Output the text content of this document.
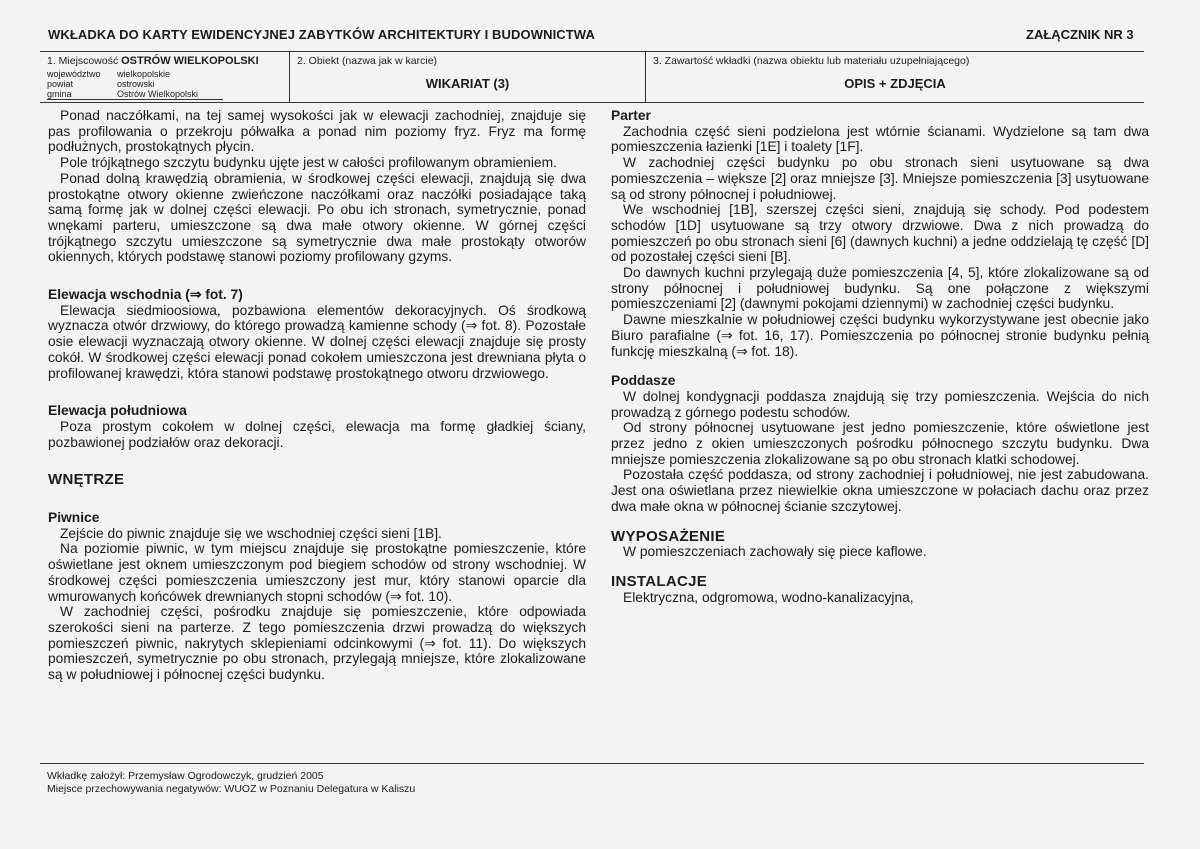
WKŁADKA DO KARTY EWIDENCYJNEJ ZABYTKÓW ARCHITEKTURY I BUDOWNICTWA	ZAŁĄCZNIK NR 3
1. Miejscowość OSTRÓW WIELKOPOLSKI
województwo wielkopolskie
powiat	ostrowski
gmina	Ostrów Wielkopolski
2. Obiekt (nazwa jak w karcie)
WIKARIAT (3)
3. Zawartość wkładki (nazwa obiektu lub materiału uzupełniającego)
OPIS + ZDJĘCIA

Ponad naczółkami, na tej samej wysokości jak w elewacji zachodniej, znajduje się pas profilowania o przekroju półwałka a ponad nim poziomy fryz. Fryz ma formę podłużnych, prostokątnych płycin.

Pole trójkątnego szczytu budynku ujęte jest w całości profilowanym obramieniem.

Ponad dolną krawędzią obramienia, w środkowej części elewacji, znajdują się dwa prostokątne otwory okienne zwieńczone naczółkami oraz naczółki posiadające taką samą formę jak w dolnej części elewacji. Po obu ich stronach, symetrycznie, ponad wnękami parteru, umieszczone są dwa małe otwory okienne. W górnej części trójkątnego szczytu umieszczone są symetrycznie dwa małe prostokąty otworów okiennych, których podstawę stanowi poziomy profilowany gzyms.

Elewacja wschodnia (⇒ fot. 7)

Elewacja siedmioosiowa, pozbawiona elementów dekoracyjnych. Oś środkową wyznacza otwór drzwiowy, do którego prowadzą kamienne schody (⇒ fot. 8). Pozostałe osie elewacji wyznaczają otwory okienne. W dolnej części elewacji znajduje się prosty cokół. W środkowej części elewacji ponad cokołem umieszczona jest drewniana płyta o profilowanej krawędzi, która stanowi podstawę prostokątnego otworu drzwiowego.

Elewacja południowa

Poza prostym cokołem w dolnej części, elewacja ma formę gładkiej ściany, pozbawionej podziałów oraz dekoracji.

WNĘTRZE
Piwnice

Zejście do piwnic znajduje się we wschodniej części sieni [1B].

Na poziomie piwnic, w tym miejscu znajduje się prostokątne pomieszczenie, które oświetlane jest oknem umieszczonym pod biegiem schodów od strony wschodniej. W środkowej części pomieszczenia umieszczony jest mur, który stanowi oparcie dla wmurowanych końcówek drewnianych stopni schodów (⇒ fot. 10).

W zachodniej części, pośrodku znajduje się pomieszczenie, które odpowiada szerokości sieni na parterze. Z tego pomieszczenia drzwi prowadzą do większych pomieszczeń piwnic, nakrytych sklepieniami odcinkowymi (⇒ fot. 11). Do większych pomieszczeń, symetrycznie po obu stronach, przylegają mniejsze, które zlokalizowane są w południowej i północnej części budynku.

Parter

Zachodnia część sieni podzielona jest wtórnie ścianami. Wydzielone są tam dwa pomieszczenia łazienki [1E] i toalety [1F].

W zachodniej części budynku po obu stronach sieni usytuowane są dwa pomieszczenia – większe [2] oraz mniejsze [3]. Mniejsze pomieszczenia [3] usytuowane są od strony północnej i południowej.

We wschodniej [1B], szerszej części sieni, znajdują się schody. Pod podestem schodów [1D] usytuowane są trzy otwory drzwiowe. Dwa z nich prowadzą do pomieszczeń po obu stronach sieni [6] (dawnych kuchni) a jedne oddzielają tę część [D] od pozostałej części sieni [B].

Do dawnych kuchni przylegają duże pomieszczenia [4, 5], które zlokalizowane są od strony północnej i południowej budynku. Są one połączone z większymi pomieszczeniami [2] (dawnymi pokojami dziennymi) w zachodniej części budynku.

Dawne mieszkalnie w południowej części budynku wykorzystywane jest obecnie jako Biuro parafialne (⇒ fot. 16, 17). Pomieszczenia po północnej stronie budynku pełnią funkcję mieszkalną (⇒ fot. 18).

Poddasze

W dolnej kondygnacji poddasza znajdują się trzy pomieszczenia. Wejścia do nich prowadzą z górnego podestu schodów.

Od strony północnej usytuowane jest jedno pomieszczenie, które oświetlone jest przez jedno z okien umieszczonych pośrodku północnego szczytu budynku. Dwa mniejsze pomieszczenia zlokalizowane są po obu stronach klatki schodowej.

Pozostała część poddasza, od strony zachodniej i południowej, nie jest zabudowana. Jest ona oświetlana przez niewielkie okna umieszczone w połaciach dachu oraz przez dwa małe okna w północnej ścianie szczytowej.

WYPOSAŻENIE

W pomieszczeniach zachowały się piece kaflowe.

INSTALACJE

Elektryczna, odgromowa, wodno-kanalizacyjna,

Wkładkę założył: Przemysław Ogrodowczyk, grudzień 2005
Miejsce przechowywania negatywów: WUOZ w Poznaniu Delegatura w Kaliszu
